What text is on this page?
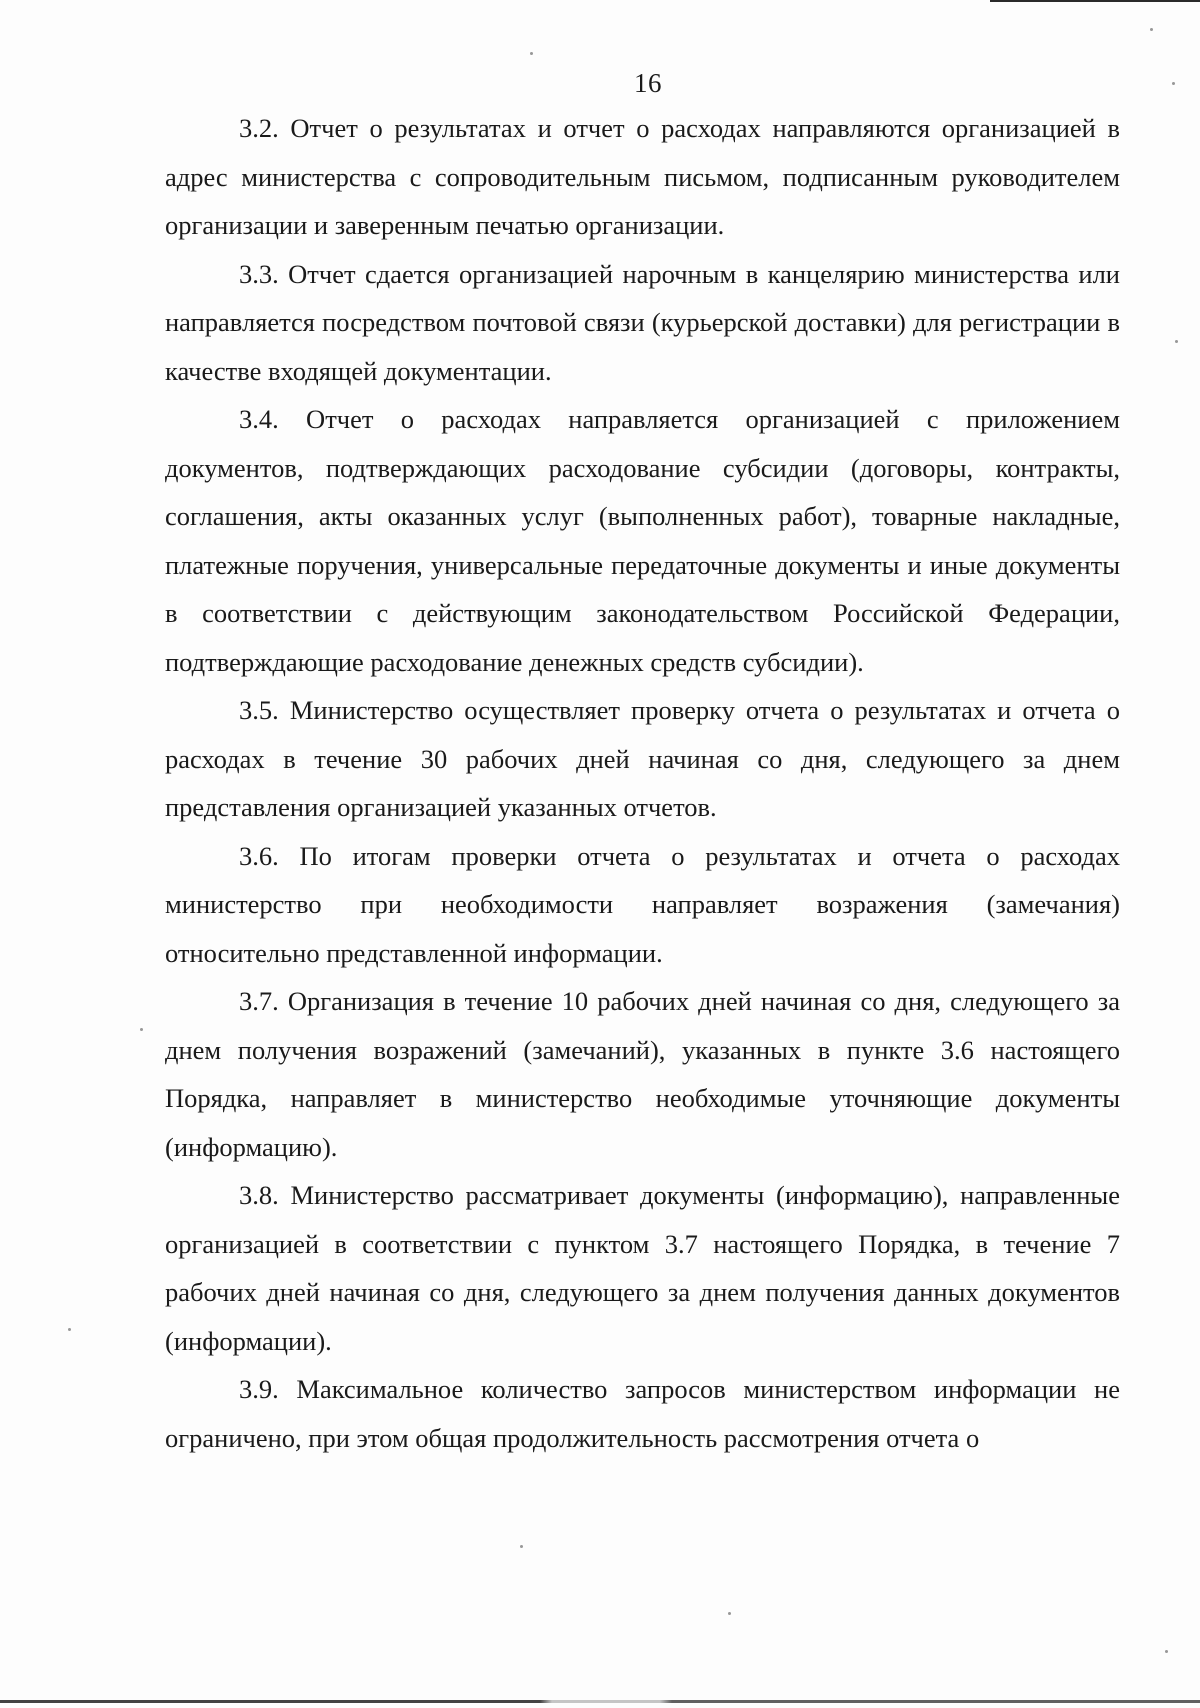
16

3.2. Отчет о результатах и отчет о расходах направляются организацией в адрес министерства с сопроводительным письмом, подписанным руководителем организации и заверенным печатью организации.

3.3. Отчет сдается организацией нарочным в канцелярию министерства или направляется посредством почтовой связи (курьерской доставки) для регистрации в качестве входящей документации.

3.4. Отчет о расходах направляется организацией с приложением документов, подтверждающих расходование субсидии (договоры, контракты, соглашения, акты оказанных услуг (выполненных работ), товарные накладные, платежные поручения, универсальные передаточные документы и иные документы в соответствии с действующим законодательством Российской Федерации, подтверждающие расходование денежных средств субсидии).

3.5. Министерство осуществляет проверку отчета о результатах и отчета о расходах в течение 30 рабочих дней начиная со дня, следующего за днем представления организацией указанных отчетов.

3.6. По итогам проверки отчета о результатах и отчета о расходах министерство при необходимости направляет возражения (замечания) относительно представленной информации.

3.7. Организация в течение 10 рабочих дней начиная со дня, следующего за днем получения возражений (замечаний), указанных в пункте 3.6 настоящего Порядка, направляет в министерство необходимые уточняющие документы (информацию).

3.8. Министерство рассматривает документы (информацию), направленные организацией в соответствии с пунктом 3.7 настоящего Порядка, в течение 7 рабочих дней начиная со дня, следующего за днем получения данных документов (информации).

3.9. Максимальное количество запросов министерством информации не ограничено, при этом общая продолжительность рассмотрения отчета о
